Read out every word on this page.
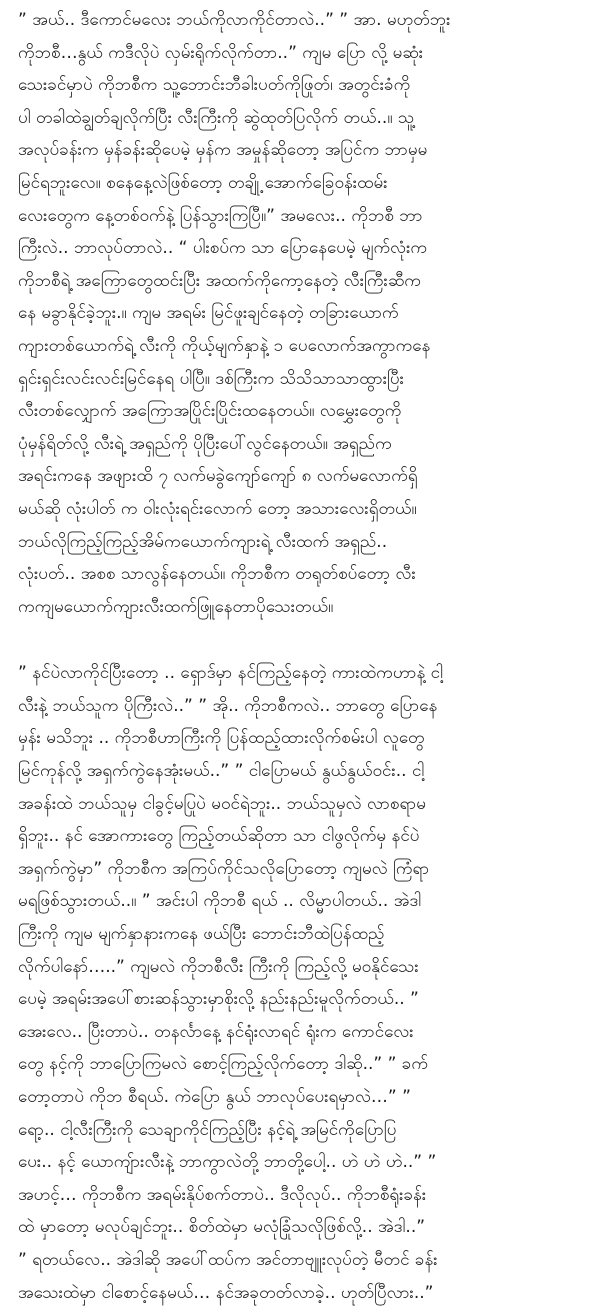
” အယ်.. ဒီကောင်မလေး ဘယ်ကိုလာကိုင်တာလဲ..” ” အာ. မဟုတ်ဘူး
ကိုဘစီ…နွယ် ကဒီလိုပဲ လှမ်းရိုက်လိုက်တာ..” ကျမ ပြော လို့ မဆုံး
သေးခင်မှာပဲ ကိုဘစီက သူ့ဘောင်းဘီခါးပတ်ကိုဖြုတ်၊ အတွင်းခံကို
ပါ တခါထဲချွတ်ချလိုက်ပြီး လီးကြီးကို ဆွဲထုတ်ပြလိုက် တယ်..။ သူ့
အလုပ်ခန်းက မှန်ခန်းဆိုပေမဲ့ မှန်က အမှုန်ဆိုတော့ အပြင်က ဘာမှမ
မြင်ရဘူးလေ။ စနေနေ့လဲဖြစ်တော့ တချို့ အောက်ခြေဝန်းထမ်း
လေးတွေက နေ့တစ်ဝက်နဲ့ ပြန်သွားကြပြီ။” အမလေး.. ကိုဘစီ ဘာ
ကြီးလဲ.. ဘာလုပ်တာလဲ.. “ ပါးစပ်က သာ ပြောနေပေမဲ့ မျက်လုံးက
ကိုဘစီရဲ့ အကြောတွေထင်းပြီး အထက်ကိုကော့နေတဲ့ လီးကြီးဆီက
နေ မခွာနိုင်ခဲ့ဘူး.။ ကျမ အရမ်း မြင်ဖူးချင်နေတဲ့ တခြားယောက်
ကျားတစ်ယောက်ရဲ့ လီးကို ကိုယ့်မျက်နှာနဲ့ ၁ ပေလောက်အကွာကနေ
ရှင်းရှင်းလင်းလင်းမြင်နေရ ပါပြီ။ ဒစ်ကြီးက သိသိသာသာထွားပြီး
လီးတစ်လျှောက် အကြောအပြိုင်းပြိုင်းထနေတယ်။ လမွှေးတွေကို
ပုံမှန်ရိတ်လို့ လီးရဲ့ အရှည်ကို ပိုပြီးပေါ်လွင်နေတယ်။ အရှည်က
အရင်းကနေ အဖျားထိ ၇ လက်မခွဲကျော်ကျော် ၈ လက်မလောက်ရှိ
မယ်ဆို လုံးပါတ် က ဝါးလုံးရင်းလောက် တော့ အသားလေးရှိတယ်။
ဘယ်လိုကြည့်ကြည့်အိမ်ကယောက်ကျားရဲ့ လီးထက် အရှည်..
လုံးပတ်.. အစစ သာလွန်နေတယ်။ ကိုဘစီက တရုတ်စပ်တော့ လီး
ကကျမယောက်ကျားလီးထက်ဖြူနေတာပိုသေးတယ်။
” နင်ပဲလာကိုင်ပြီးတော့ .. ရှောဒ်မှာ နင်ကြည့်နေတဲ့ ကားထဲကဟာနဲ့ ငါ့
လီးနဲ့ ဘယ်သူက ပိုကြီးလဲ..” ” အို.. ကိုဘစီကလဲ.. ဘာတွေ ပြောနေ
မှန်း မသိဘူး .. ကိုဘစီဟာကြီးကို ပြန်ထည့်ထားလိုက်စမ်းပါ လူတွေ
မြင်ကုန်လို့ အရှက်ကွဲနေအုံးမယ်..” ” ငါပြောမယ် နွယ်နွယ်ဝင်း.. ငါ့
အခန်းထဲ ဘယ်သူမှ ငါခွင့်မပြုပဲ မဝင်ရဲဘူး.. ဘယ်သူမှလဲ လာစရာမ
ရှိဘူး.. နင် အောကားတွေ ကြည့်တယ်ဆိုတာ သာ ငါဖွလိုက်မှ နင်ပဲ
အရှက်ကွဲမှာ” ကိုဘစီက အကြပ်ကိုင်သလိုပြောတော့ ကျမလဲ ကြံရာ
မရဖြစ်သွားတယ်..။ ” အင်းပါ ကိုဘစီ ရယ် .. လိမ္မာပါတယ်.. အဲဒါ
ကြီးကို ကျမ မျက်နှာနားကနေ ဖယ်ပြီး ဘောင်းဘီထဲပြန်ထည့်
လိုက်ပါနော်…..” ကျမလဲ ကိုဘစီလီး ကြီးကို ကြည့်လို့ မဝနိုင်သေး
ပေမဲ့ အရမ်းအပေါ်စားဆန်သွားမှာစိုးလို့ နည်းနည်းမူလိုက်တယ်.. ”
အေးလေ.. ပြီးတာပဲ.. တနင်္လာနေ့ နင်ရုံးလာရင် ရုံးက ကောင်လေး
တွေ နင့်ကို ဘာပြောကြမလဲ စောင့်ကြည့်လိုက်တော့ ဒါဆို..” ” ခက်
တော့တာပဲ ကိုဘ စီရယ်. ကဲပြော နွယ် ဘာလုပ်ပေးရမှာလဲ…” ”
ရော့.. ငါ့လီးကြီးကို သေချာကိုင်ကြည့်ပြီး နင့်ရဲ့ အမြင်ကိုပြောပြ
ပေး.. နင့် ယောကျ်ားလီးနဲ့ ဘာကွာလဲတို့ ဘာတို့ပေါ့.. ဟဲ ဟဲ ဟဲ..” ”
အဟင့်… ကိုဘစီက အရမ်းနိုပ်စက်တာပဲ.. ဒီလိုလုပ်.. ကိုဘစီရုံးခန်း
ထဲ မှာတော့ မလုပ်ချင်ဘူး.. စိတ်ထဲမှာ မလုံခြုံသလိုဖြစ်လို့.. အဲဒါ..”
” ရတယ်လေ.. အဲဒါဆို အပေါ်ထပ်က အင်တာဗျူးလုပ်တဲ့ မီတင် ခန်း
အသေးထဲမှာ ငါစောင့်နေမယ်… နင်အခုတတ်လာခဲ့.. ဟုတ်ပြီလား..”
